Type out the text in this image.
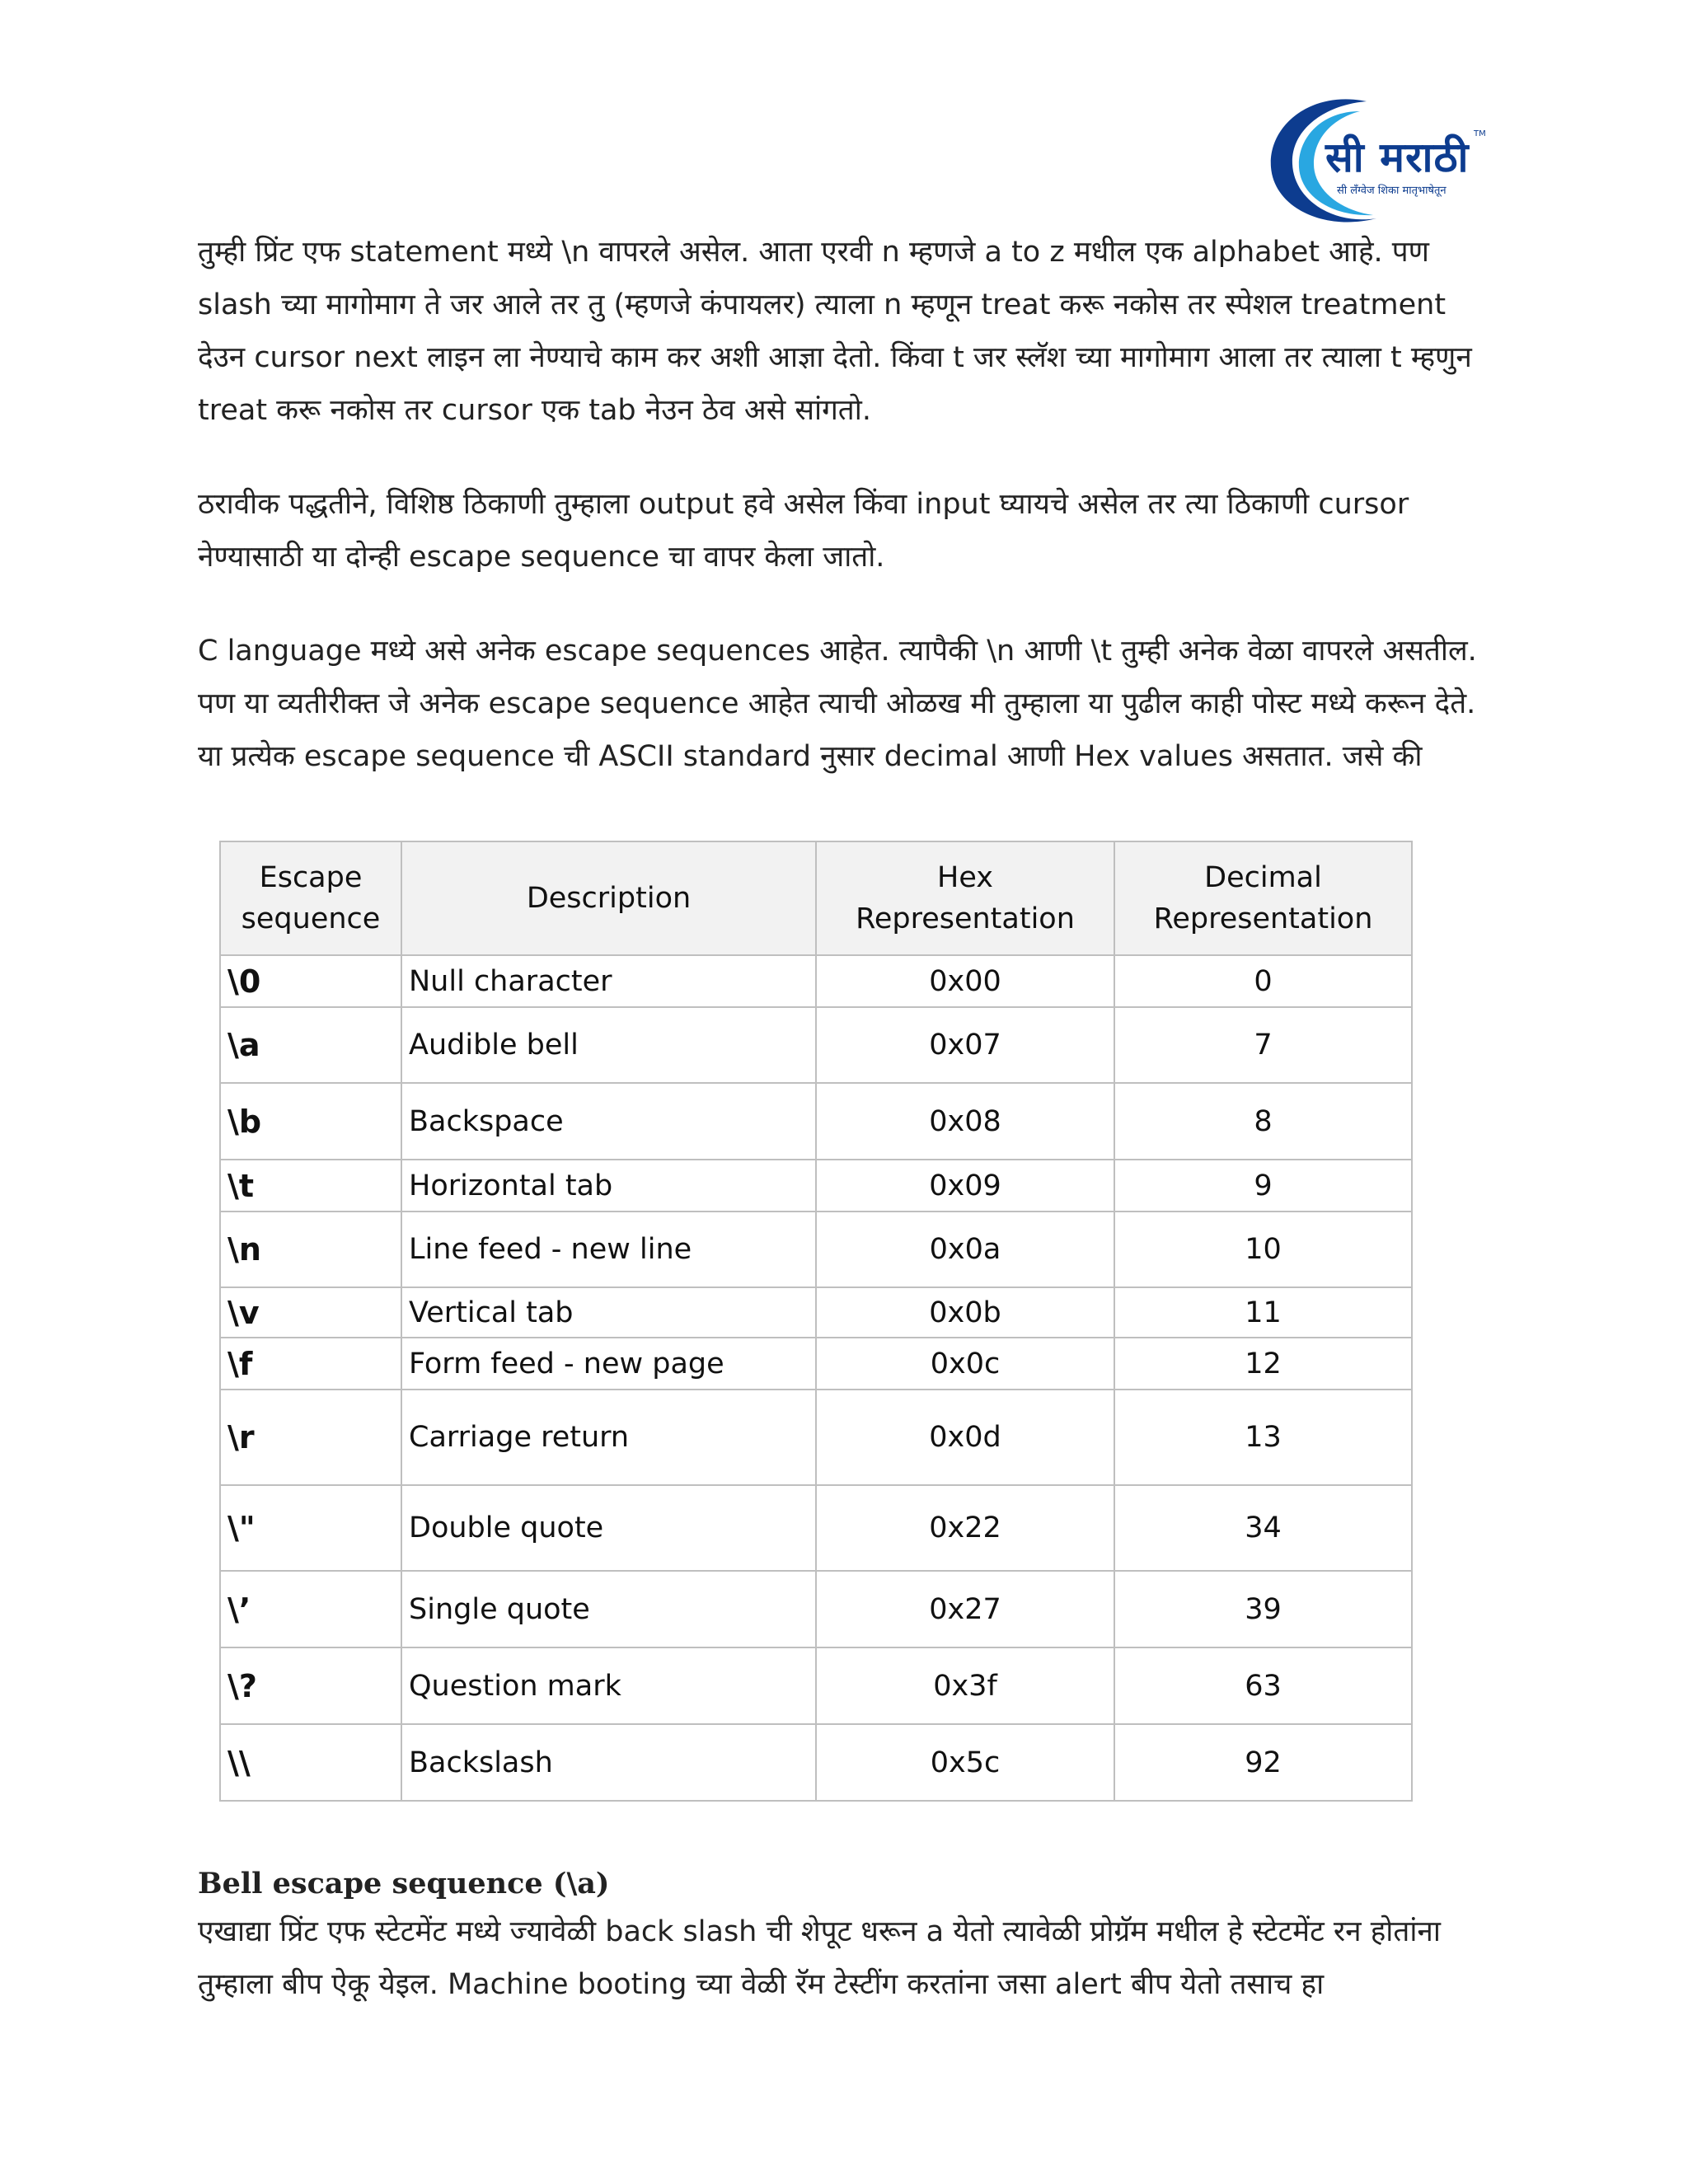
सी मराठी TM
सी लँग्वेज शिका मातृभाषेतून
तुम्ही प्रिंट एफ statement मध्ये \n वापरले असेल. आता एरवी n म्हणजे a to z मधील एक alphabet आहे. पण slash च्या मागोमाग ते जर आले तर तु (म्हणजे कंपायलर) त्याला n म्हणून treat करू नकोस तर स्पेशल treatment देउन cursor next लाइन ला नेण्याचे काम कर अशी आज्ञा देतो. किंवा t जर स्लॅश च्या मागोमाग आला तर त्याला t म्हणुन treat करू नकोस तर cursor एक tab नेउन ठेव असे सांगतो.
ठरावीक पद्धतीने, विशिष्ठ ठिकाणी तुम्हाला output हवे असेल किंवा input घ्यायचे असेल तर त्या ठिकाणी cursor नेण्यासाठी या दोन्ही escape sequence चा वापर केला जातो.
C language मध्ये असे अनेक escape sequences आहेत. त्यापैकी \n आणी \t तुम्ही अनेक वेळा वापरले असतील. पण या व्यतीरीक्त जे अनेक escape sequence आहेत त्याची ओळख मी तुम्हाला या पुढील काही पोस्ट मध्ये करून देते. या प्रत्येक escape sequence ची ASCII standard नुसार decimal आणी Hex values असतात. जसे की
Escape sequence	Description	Hex Representation	Decimal Representation
\0	Null character	0x00	0
\a	Audible bell	0x07	7
\b	Backspace	0x08	8
\t	Horizontal tab	0x09	9
\n	Line feed - new line	0x0a	10
\v	Vertical tab	0x0b	11
\f	Form feed - new page	0x0c	12
\r	Carriage return	0x0d	13
\"	Double quote	0x22	34
\’	Single quote	0x27	39
\?	Question mark	0x3f	63
\\	Backslash	0x5c	92
Bell escape sequence (\a)
एखाद्या प्रिंट एफ स्टेटमेंट मध्ये ज्यावेळी back slash ची शेपूट धरून a येतो त्यावेळी प्रोग्रॅम मधील हे स्टेटमेंट रन होतांना तुम्हाला बीप ऐकू येइल. Machine booting च्या वेळी रॅम टेस्टींग करतांना जसा alert बीप येतो तसाच हा
